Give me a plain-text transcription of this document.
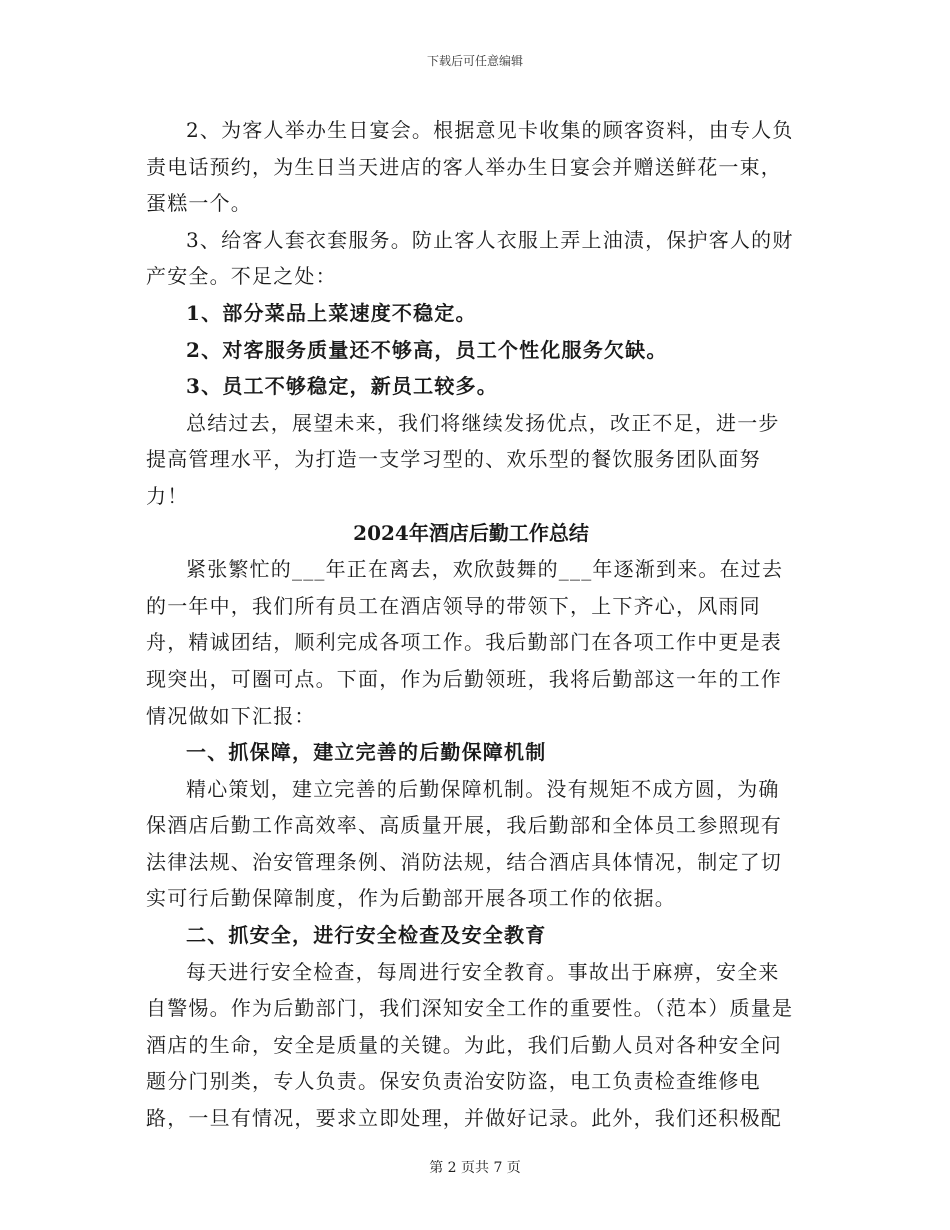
下载后可任意编辑

2、为客人举办生日宴会。根据意见卡收集的顾客资料，由专人负责电话预约，为生日当天进店的客人举办生日宴会并赠送鲜花一束，蛋糕一个。

3、给客人套衣套服务。防止客人衣服上弄上油渍，保护客人的财产安全。不足之处：

1、部分菜品上菜速度不稳定。

2、对客服务质量还不够高，员工个性化服务欠缺。

3、员工不够稳定，新员工较多。

总结过去，展望未来，我们将继续发扬优点，改正不足，进一步提高管理水平，为打造一支学习型的、欢乐型的餐饮服务团队面努力！

2024年酒店后勤工作总结

紧张繁忙的___年正在离去，欢欣鼓舞的___年逐渐到来。在过去的一年中，我们所有员工在酒店领导的带领下，上下齐心，风雨同舟，精诚团结，顺利完成各项工作。我后勤部门在各项工作中更是表现突出，可圈可点。下面，作为后勤领班，我将后勤部这一年的工作情况做如下汇报：

一、抓保障，建立完善的后勤保障机制

精心策划，建立完善的后勤保障机制。没有规矩不成方圆，为确保酒店后勤工作高效率、高质量开展，我后勤部和全体员工参照现有法律法规、治安管理条例、消防法规，结合酒店具体情况，制定了切实可行后勤保障制度，作为后勤部开展各项工作的依据。

二、抓安全，进行安全检查及安全教育

每天进行安全检查，每周进行安全教育。事故出于麻痹，安全来自警惕。作为后勤部门，我们深知安全工作的重要性。（范本）质量是酒店的生命，安全是质量的关键。为此，我们后勤人员对各种安全问题分门别类，专人负责。保安负责治安防盗，电工负责检查维修电路，一旦有情况，要求立即处理，并做好记录。此外，我们还积极配

第 2 页共 7 页
